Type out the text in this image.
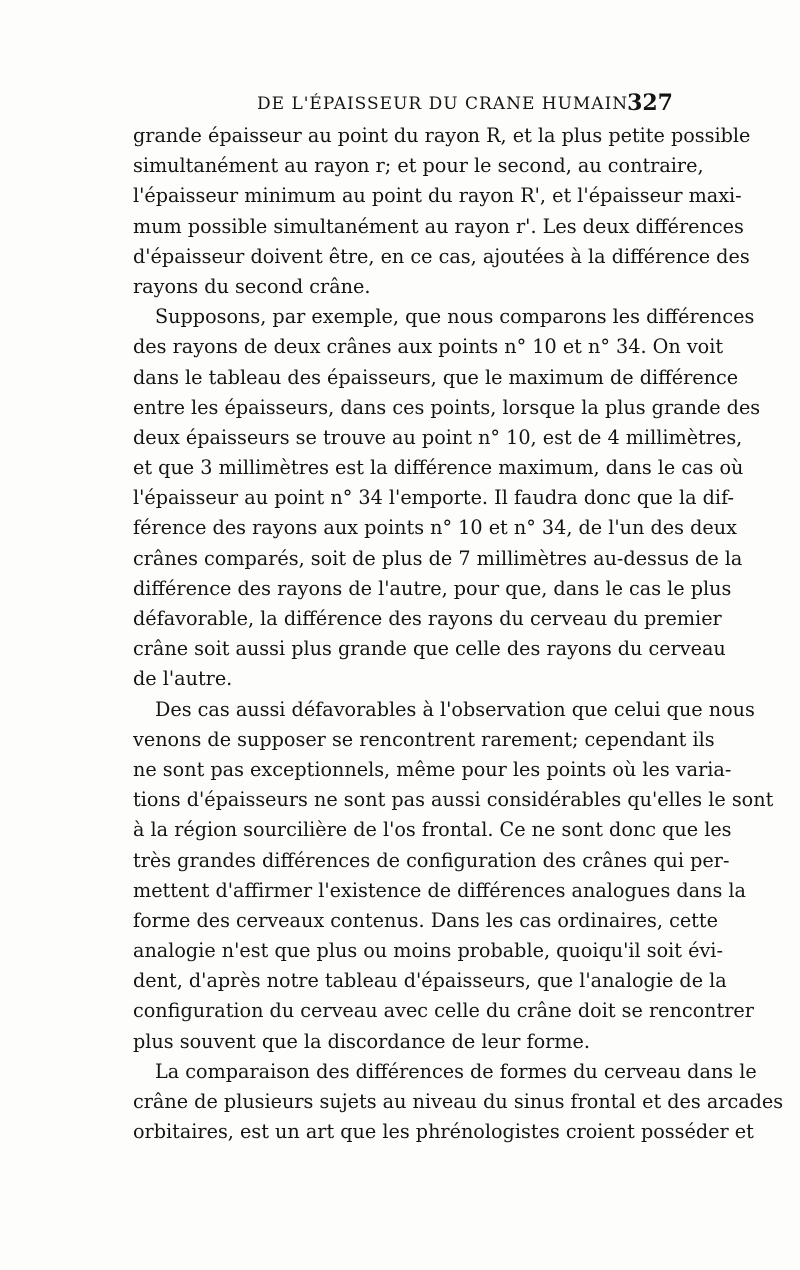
DE L'ÉPAISSEUR DU CRANE HUMAIN.
327
grande épaisseur au point du rayon R, et la plus petite possible
simultanément au rayon r; et pour le second, au contraire,
l'épaisseur minimum au point du rayon R', et l'épaisseur maxi-
mum possible simultanément au rayon r'. Les deux différences
d'épaisseur doivent être, en ce cas, ajoutées à la différence des
rayons du second crâne.
Supposons, par exemple, que nous comparons les différences
des rayons de deux crânes aux points n° 10 et n° 34. On voit
dans le tableau des épaisseurs, que le maximum de différence
entre les épaisseurs, dans ces points, lorsque la plus grande des
deux épaisseurs se trouve au point n° 10, est de 4 millimètres,
et que 3 millimètres est la différence maximum, dans le cas où
l'épaisseur au point n° 34 l'emporte. Il faudra donc que la dif-
férence des rayons aux points n° 10 et n° 34, de l'un des deux
crânes comparés, soit de plus de 7 millimètres au-dessus de la
différence des rayons de l'autre, pour que, dans le cas le plus
défavorable, la différence des rayons du cerveau du premier
crâne soit aussi plus grande que celle des rayons du cerveau
de l'autre.
Des cas aussi défavorables à l'observation que celui que nous
venons de supposer se rencontrent rarement; cependant ils
ne sont pas exceptionnels, même pour les points où les varia-
tions d'épaisseurs ne sont pas aussi considérables qu'elles le sont
à la région sourcilière de l'os frontal. Ce ne sont donc que les
très grandes différences de configuration des crânes qui per-
mettent d'affirmer l'existence de différences analogues dans la
forme des cerveaux contenus. Dans les cas ordinaires, cette
analogie n'est que plus ou moins probable, quoiqu'il soit évi-
dent, d'après notre tableau d'épaisseurs, que l'analogie de la
configuration du cerveau avec celle du crâne doit se rencontrer
plus souvent que la discordance de leur forme.
La comparaison des différences de formes du cerveau dans le
crâne de plusieurs sujets au niveau du sinus frontal et des arcades
orbitaires, est un art que les phrénologistes croient posséder et
